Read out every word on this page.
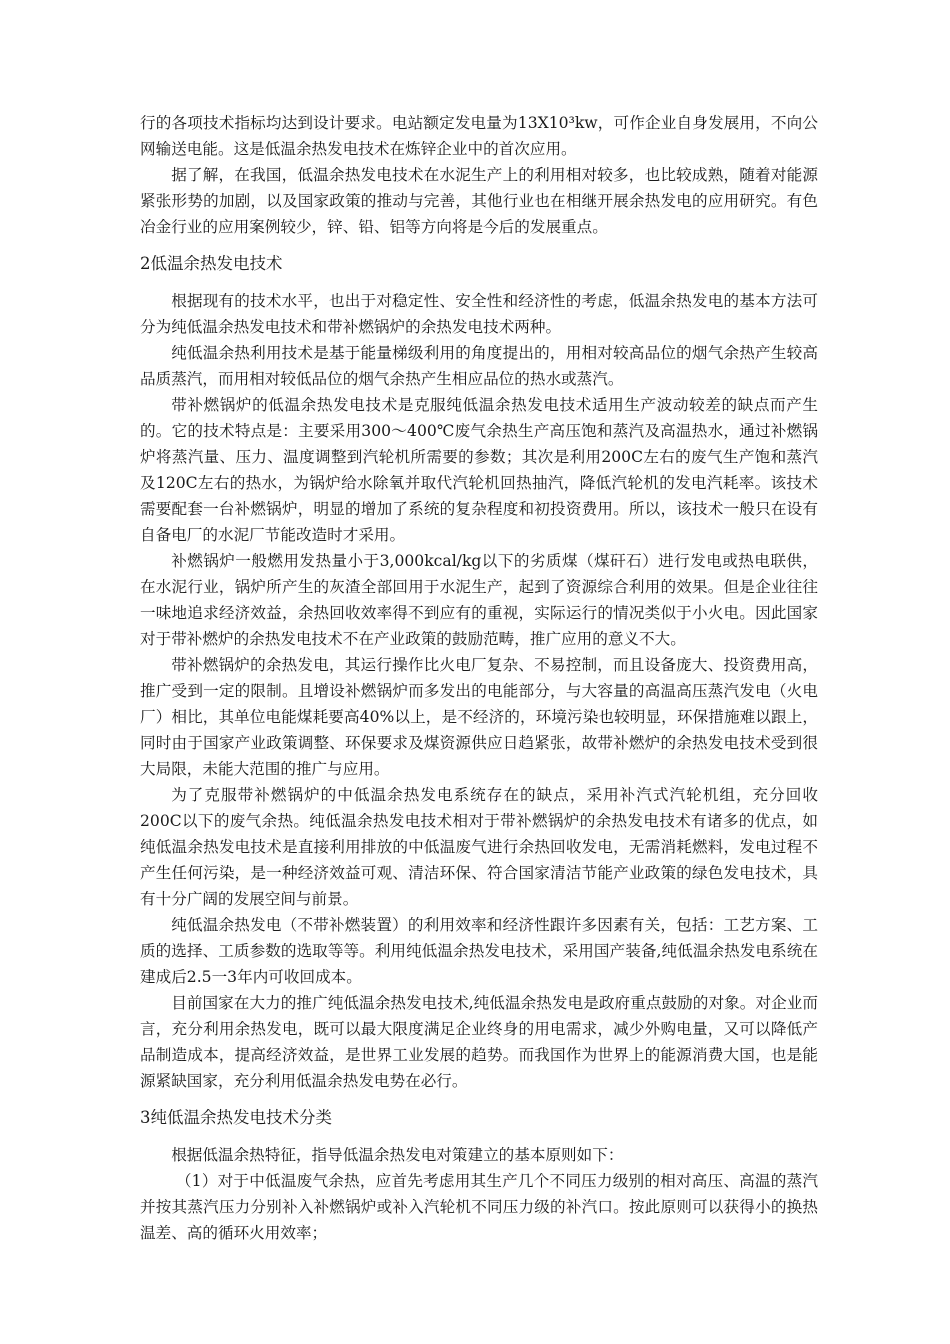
行的各项技术指标均达到设计要求。电站额定发电量为13X10³kw，可作企业自身发展用，不向公网输送电能。这是低温余热发电技术在炼锌企业中的首次应用。

据了解，在我国，低温余热发电技术在水泥生产上的利用相对较多，也比较成熟，随着对能源紧张形势的加剧，以及国家政策的推动与完善，其他行业也在相继开展余热发电的应用研究。有色冶金行业的应用案例较少，锌、铅、铝等方向将是今后的发展重点。

2低温余热发电技术

根据现有的技术水平，也出于对稳定性、安全性和经济性的考虑，低温余热发电的基本方法可分为纯低温余热发电技术和带补燃锅炉的余热发电技术两种。

纯低温余热利用技术是基于能量梯级利用的角度提出的，用相对较高品位的烟气余热产生较高品质蒸汽，而用相对较低品位的烟气余热产生相应品位的热水或蒸汽。

带补燃锅炉的低温余热发电技术是克服纯低温余热发电技术适用生产波动较差的缺点而产生的。它的技术特点是：主要采用300～400℃废气余热生产高压饱和蒸汽及高温热水，通过补燃锅炉将蒸汽量、压力、温度调整到汽轮机所需要的参数；其次是利用200C左右的废气生产饱和蒸汽及120C左右的热水，为锅炉给水除氧并取代汽轮机回热抽汽，降低汽轮机的发电汽耗率。该技术需要配套一台补燃锅炉，明显的增加了系统的复杂程度和初投资费用。所以，该技术一般只在设有自备电厂的水泥厂节能改造时才采用。

补燃锅炉一般燃用发热量小于3,000kcal/kg以下的劣质煤（煤矸石）进行发电或热电联供，在水泥行业，锅炉所产生的灰渣全部回用于水泥生产，起到了资源综合利用的效果。但是企业往往一味地追求经济效益，余热回收效率得不到应有的重视，实际运行的情况类似于小火电。因此国家对于带补燃炉的余热发电技术不在产业政策的鼓励范畴，推广应用的意义不大。

带补燃锅炉的余热发电，其运行操作比火电厂复杂、不易控制，而且设备庞大、投资费用高，推广受到一定的限制。且增设补燃锅炉而多发出的电能部分，与大容量的高温高压蒸汽发电（火电厂）相比，其单位电能煤耗要高40%以上，是不经济的，环境污染也较明显，环保措施难以跟上，同时由于国家产业政策调整、环保要求及煤资源供应日趋紧张，故带补燃炉的余热发电技术受到很大局限，未能大范围的推广与应用。

为了克服带补燃锅炉的中低温余热发电系统存在的缺点，采用补汽式汽轮机组，充分回收200C以下的废气余热。纯低温余热发电技术相对于带补燃锅炉的余热发电技术有诸多的优点，如纯低温余热发电技术是直接利用排放的中低温废气进行余热回收发电，无需消耗燃料，发电过程不产生任何污染，是一种经济效益可观、清洁环保、符合国家清洁节能产业政策的绿色发电技术，具有十分广阔的发展空间与前景。

纯低温余热发电（不带补燃装置）的利用效率和经济性跟许多因素有关，包括：工艺方案、工质的选择、工质参数的选取等等。利用纯低温余热发电技术，采用国产装备,纯低温余热发电系统在建成后2.5一3年内可收回成本。

目前国家在大力的推广纯低温余热发电技术,纯低温余热发电是政府重点鼓励的对象。对企业而言，充分利用余热发电，既可以最大限度满足企业终身的用电需求，减少外购电量，又可以降低产品制造成本，提高经济效益，是世界工业发展的趋势。而我国作为世界上的能源消费大国，也是能源紧缺国家，充分利用低温余热发电势在必行。

3纯低温余热发电技术分类

根据低温余热特征，指导低温余热发电对策建立的基本原则如下：

（1）对于中低温废气余热，应首先考虑用其生产几个不同压力级别的相对高压、高温的蒸汽并按其蒸汽压力分别补入补燃锅炉或补入汽轮机不同压力级的补汽口。按此原则可以获得小的换热温差、高的循环火用效率；
